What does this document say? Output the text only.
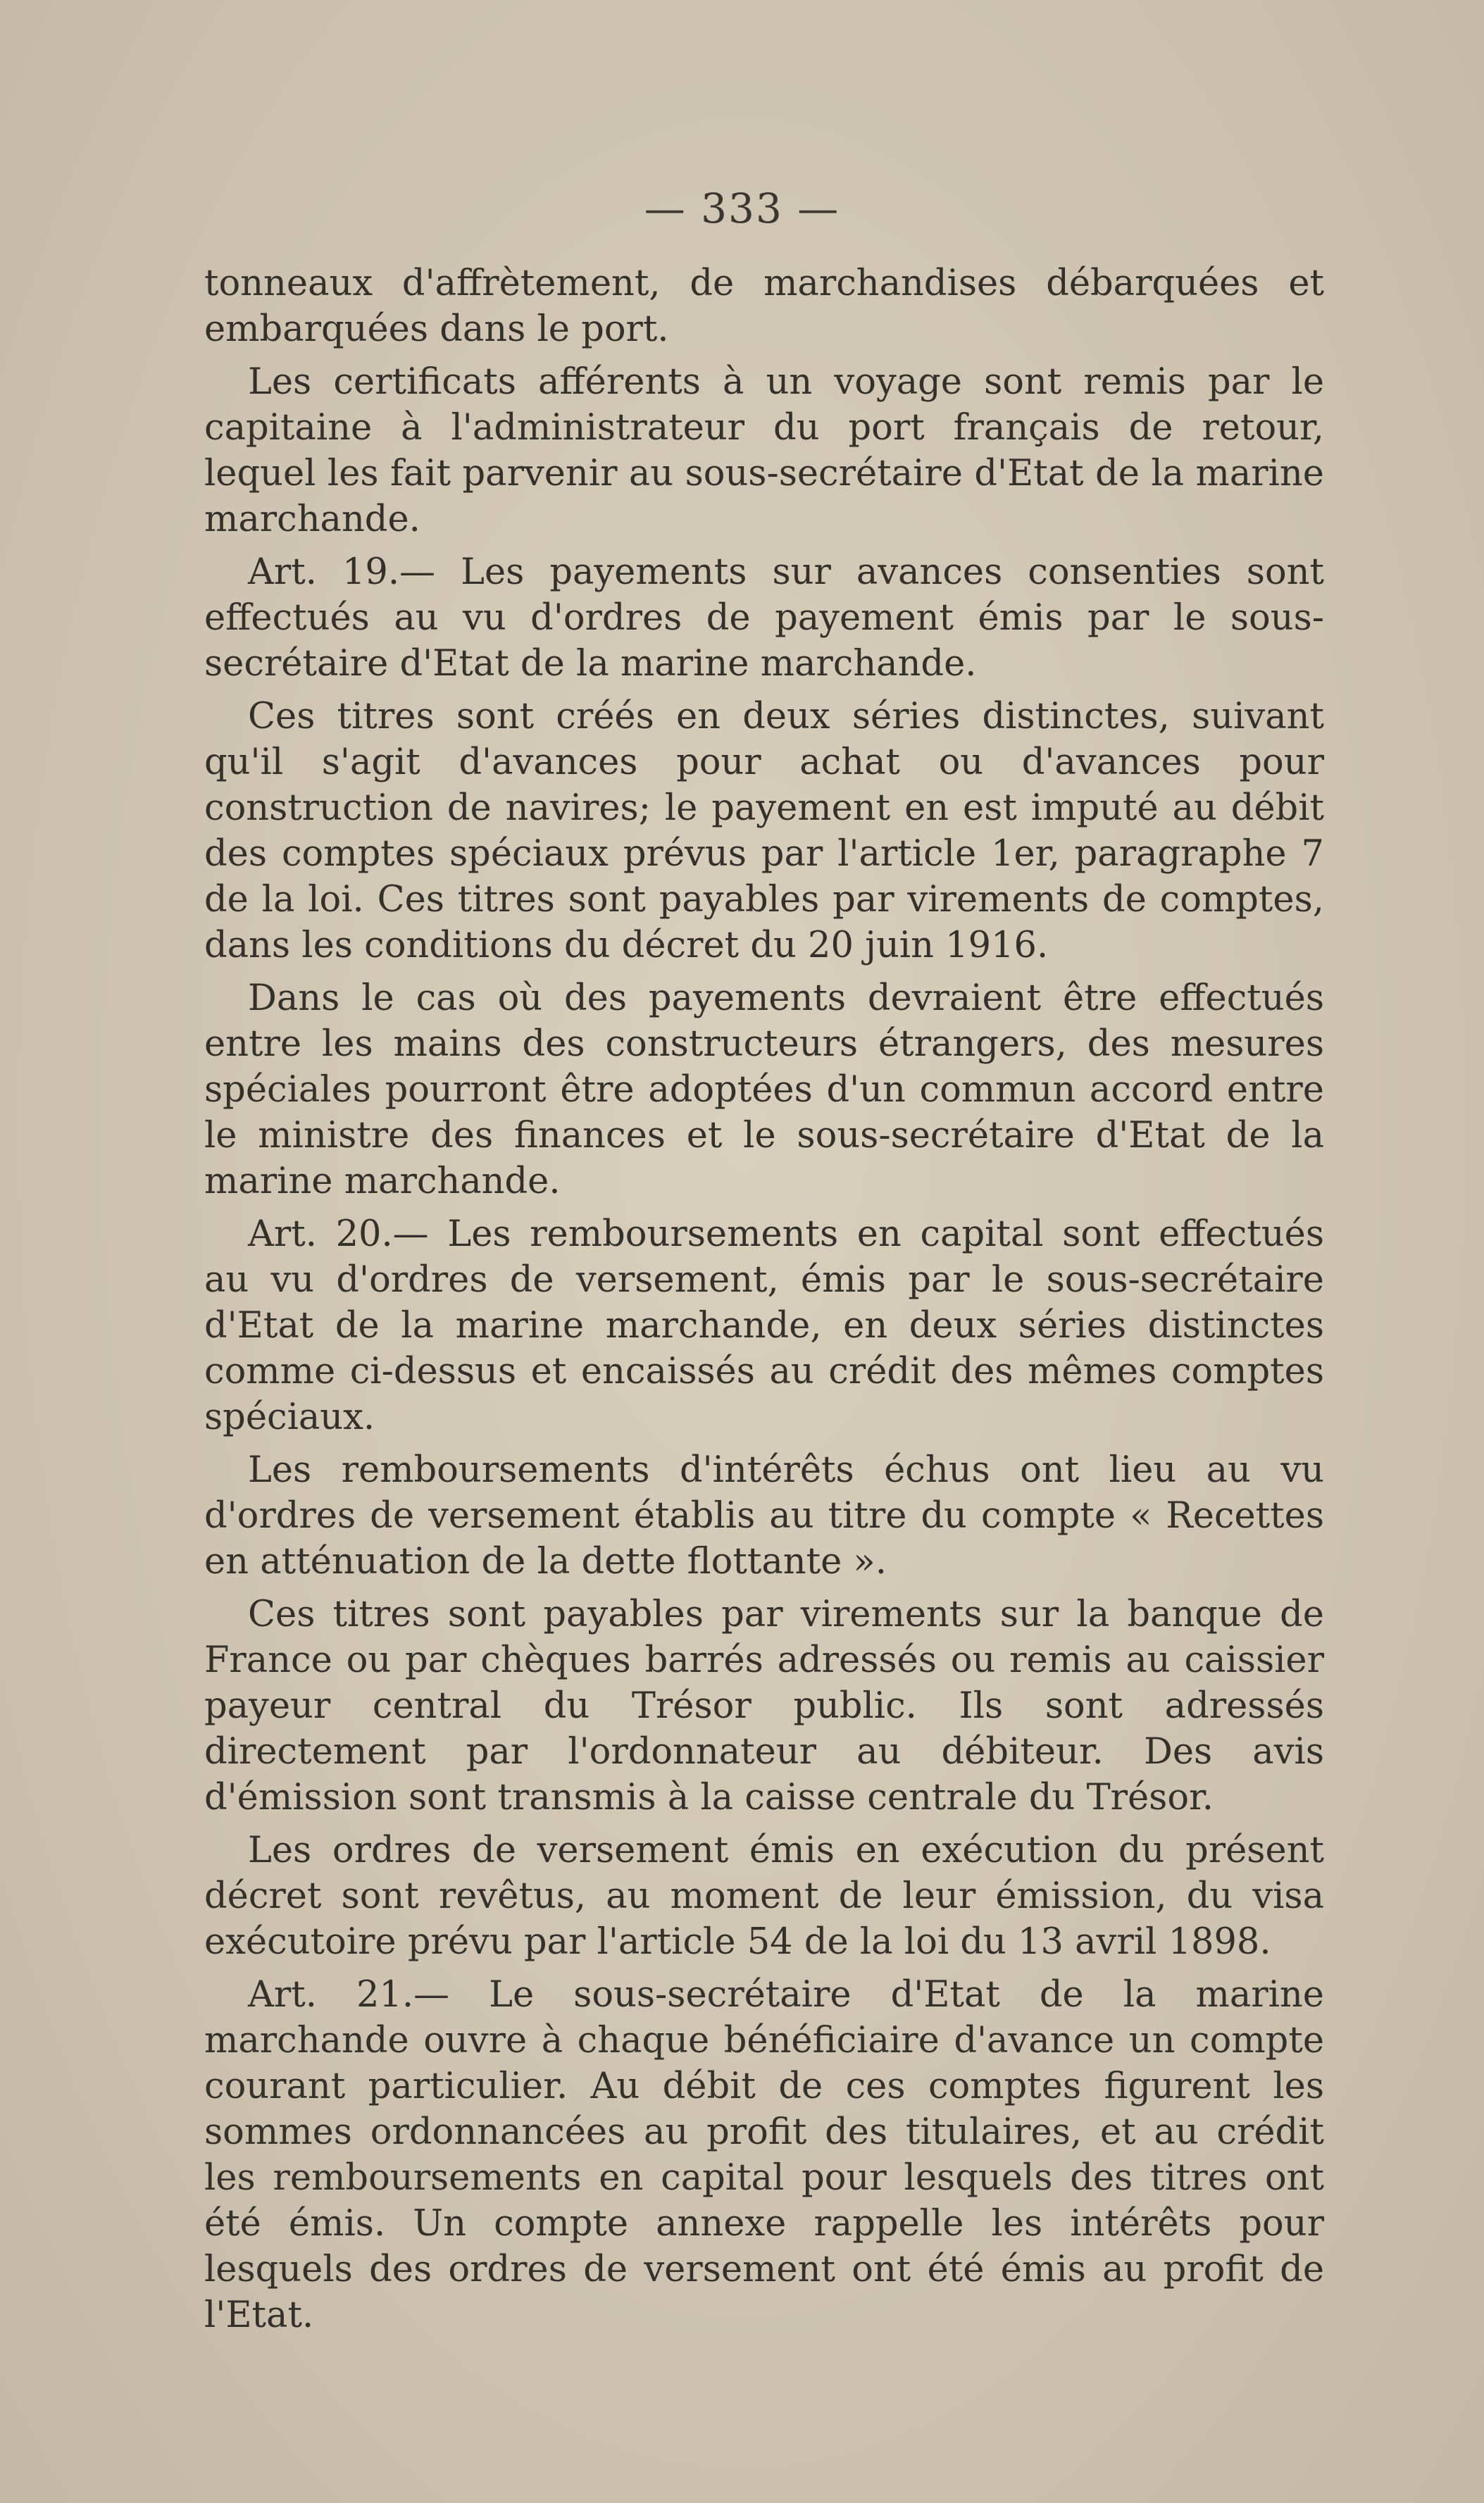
— 333 —

tonneaux d'affrètement, de marchandises débarquées et embarquées dans le port.

Les certificats afférents à un voyage sont remis par le capitaine à l'administrateur du port français de retour, lequel les fait parvenir au sous-secrétaire d'Etat de la marine marchande.

Art. 19.— Les payements sur avances consenties sont effectués au vu d'ordres de payement émis par le sous-secrétaire d'Etat de la marine marchande.

Ces titres sont créés en deux séries distinctes, suivant qu'il s'agit d'avances pour achat ou d'avances pour construction de navires; le payement en est imputé au débit des comptes spéciaux prévus par l'article 1er, paragraphe 7 de la loi. Ces titres sont payables par virements de comptes, dans les conditions du décret du 20 juin 1916.

Dans le cas où des payements devraient être effectués entre les mains des constructeurs étrangers, des mesures spéciales pourront être adoptées d'un commun accord entre le ministre des finances et le sous-secrétaire d'Etat de la marine marchande.

Art. 20.— Les remboursements en capital sont effectués au vu d'ordres de versement, émis par le sous-secrétaire d'Etat de la marine marchande, en deux séries distinctes comme ci-dessus et encaissés au crédit des mêmes comptes spéciaux.

Les remboursements d'intérêts échus ont lieu au vu d'ordres de versement établis au titre du compte « Recettes en atténuation de la dette flottante ».

Ces titres sont payables par virements sur la banque de France ou par chèques barrés adressés ou remis au caissier payeur central du Trésor public. Ils sont adressés directement par l'ordonnateur au débiteur. Des avis d'émission sont transmis à la caisse centrale du Trésor.

Les ordres de versement émis en exécution du présent décret sont revêtus, au moment de leur émission, du visa exécutoire prévu par l'article 54 de la loi du 13 avril 1898.

Art. 21.— Le sous-secrétaire d'Etat de la marine marchande ouvre à chaque bénéficiaire d'avance un compte courant particulier. Au débit de ces comptes figurent les sommes ordonnancées au profit des titulaires, et au crédit les remboursements en capital pour lesquels des titres ont été émis. Un compte annexe rappelle les intérêts pour lesquels des ordres de versement ont été émis au profit de l'Etat.
